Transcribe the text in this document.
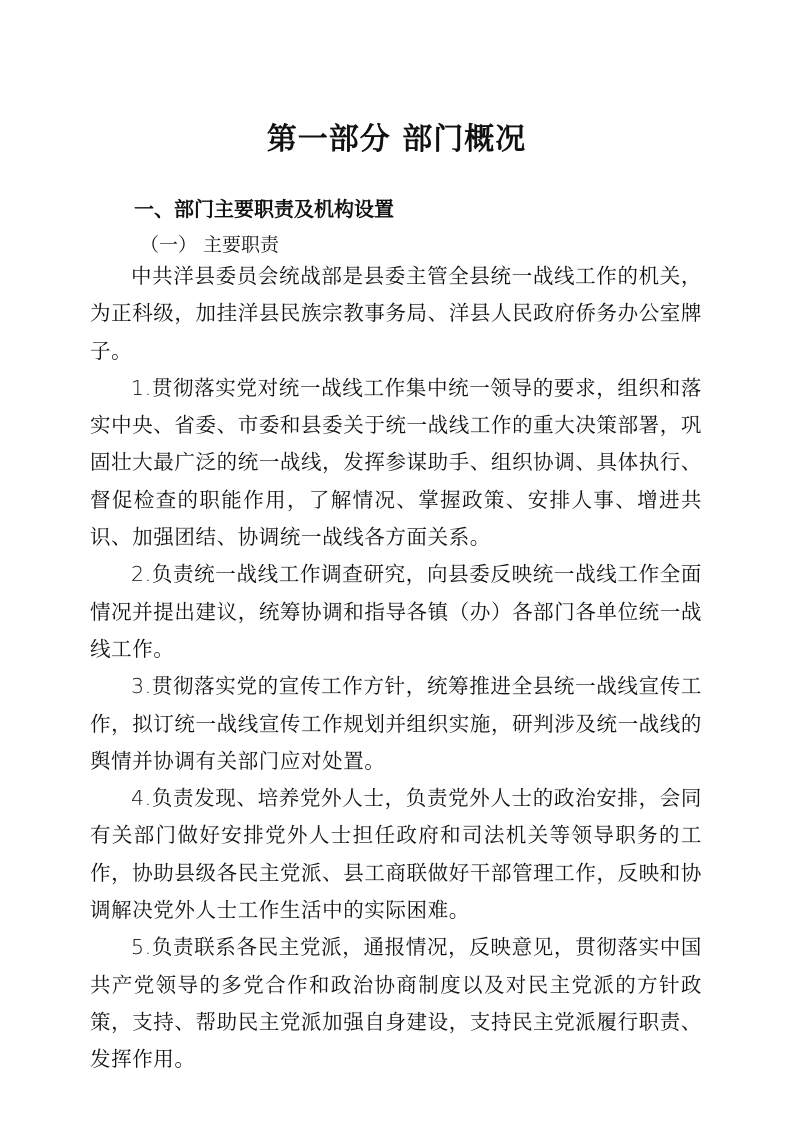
第一部分 部门概况
一、部门主要职责及机构设置
（一） 主要职责

中共洋县委员会统战部是县委主管全县统一战线工作的机关，为正科级，加挂洋县民族宗教事务局、洋县人民政府侨务办公室牌子。

1.贯彻落实党对统一战线工作集中统一领导的要求，组织和落实中央、省委、市委和县委关于统一战线工作的重大决策部署，巩固壮大最广泛的统一战线，发挥参谋助手、组织协调、具体执行、督促检查的职能作用，了解情况、掌握政策、安排人事、增进共识、加强团结、协调统一战线各方面关系。

2.负责统一战线工作调查研究，向县委反映统一战线工作全面情况并提出建议，统筹协调和指导各镇（办）各部门各单位统一战线工作。

3.贯彻落实党的宣传工作方针，统筹推进全县统一战线宣传工作，拟订统一战线宣传工作规划并组织实施，研判涉及统一战线的舆情并协调有关部门应对处置。

4.负责发现、培养党外人士，负责党外人士的政治安排，会同有关部门做好安排党外人士担任政府和司法机关等领导职务的工作，协助县级各民主党派、县工商联做好干部管理工作，反映和协调解决党外人士工作生活中的实际困难。

5.负责联系各民主党派，通报情况，反映意见，贯彻落实中国共产党领导的多党合作和政治协商制度以及对民主党派的方针政策，支持、帮助民主党派加强自身建设，支持民主党派履行职责、发挥作用。
